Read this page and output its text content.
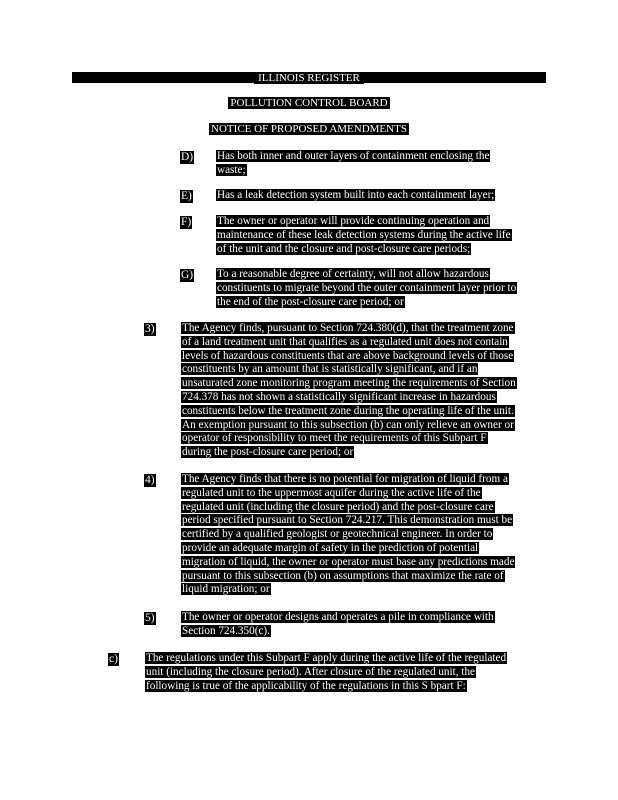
ILLINOIS REGISTER
POLLUTION CONTROL BOARD
NOTICE OF PROPOSED AMENDMENTS
D) Has both inner and outer layers of containment enclosing the
waste;
E) Has a leak detection system built into each containment layer;
F) The owner or operator will provide continuing operation and
maintenance of these leak detection systems during the active life
of the unit and the closure and post-closure care periods;
G) To a reasonable degree of certainty, will not allow hazardous
constituents to migrate beyond the outer containment layer prior to
the end of the post-closure care period; or
3) The Agency finds, pursuant to Section 724.380(d), that the treatment zone
of a land treatment unit that qualifies as a regulated unit does not contain
levels of hazardous constituents that are above background levels of those
constituents by an amount that is statistically significant, and if an
unsaturated zone monitoring program meeting the requirements of Section
724.378 has not shown a statistically significant increase in hazardous
constituents below the treatment zone during the operating life of the unit.
An exemption pursuant to this subsection (b) can only relieve an owner or
operator of responsibility to meet the requirements of this Subpart F
during the post-closure care period; or
4) The Agency finds that there is no potential for migration of liquid from a
regulated unit to the uppermost aquifer during the active life of the
regulated unit (including the closure period) and the post-closure care
period specified pursuant to Section 724.217. This demonstration must be
certified by a qualified geologist or geotechnical engineer. In order to
provide an adequate margin of safety in the prediction of potential
migration of liquid, the owner or operator must base any predictions made
pursuant to this subsection (b) on assumptions that maximize the rate of
liquid migration; or
5) The owner or operator designs and operates a pile in compliance with
Section 724.350(c).
c)	The regulations under this Subpart F apply during the active life of the regulated
unit (including the closure period). After closure of the regulated unit, the
following is true of the applicability of the regulations in this S bpart F:
